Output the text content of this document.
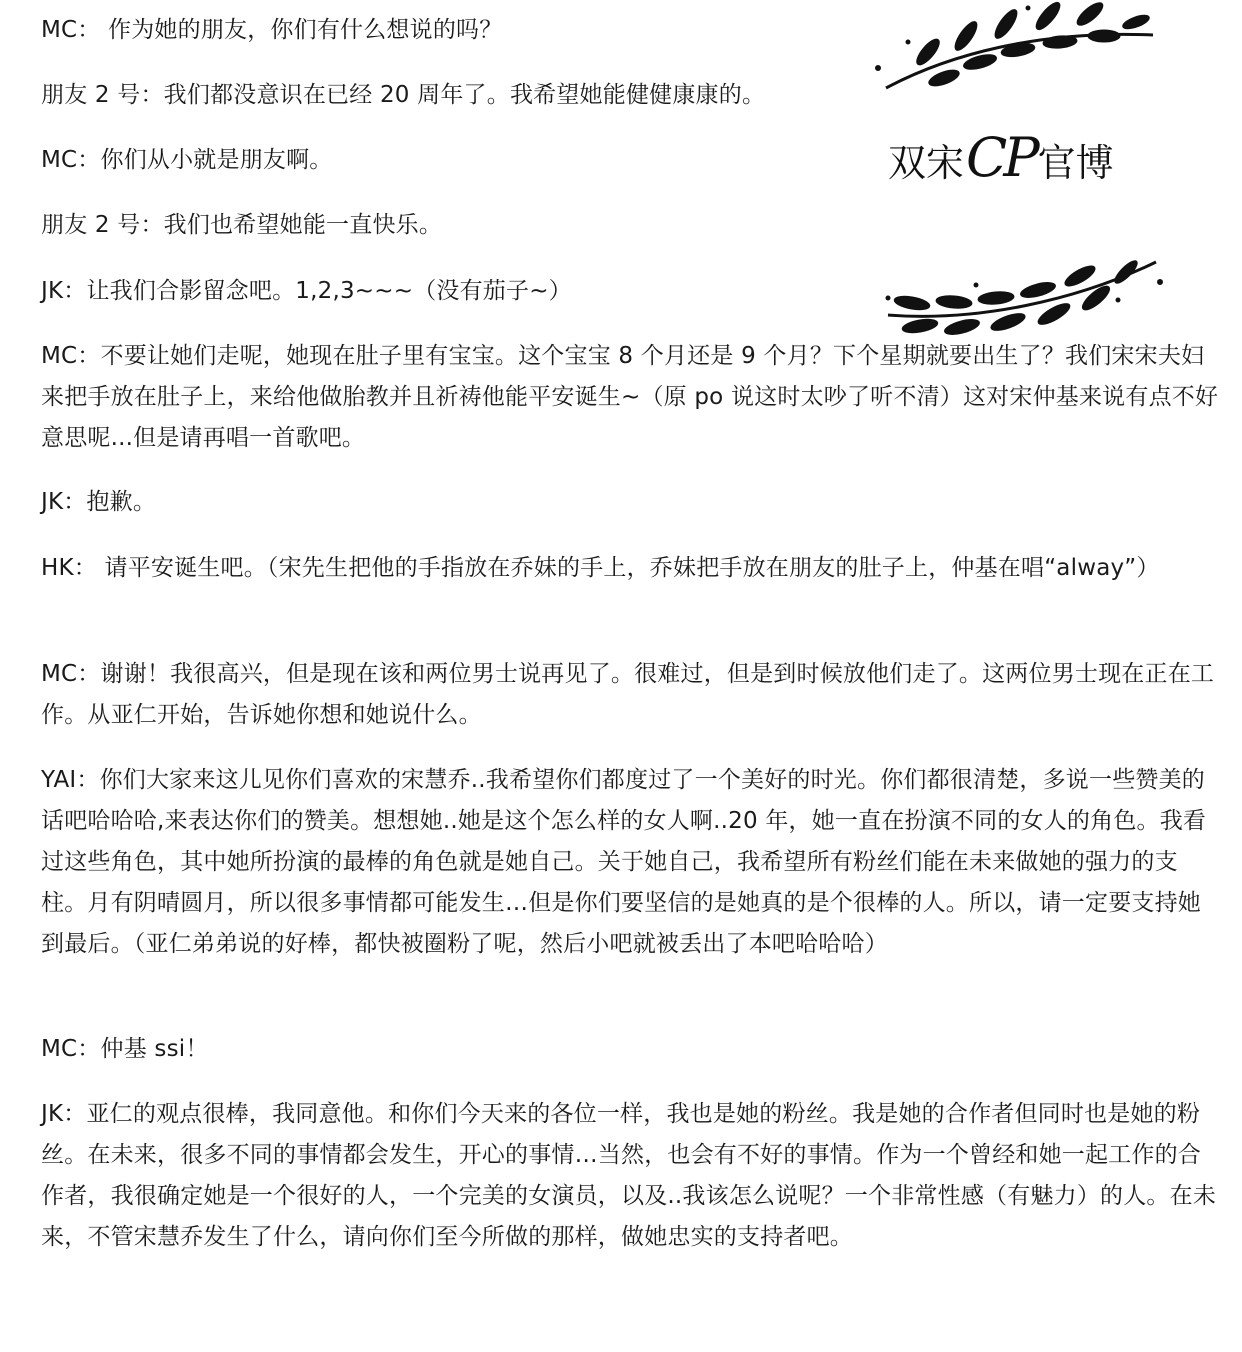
MC： 作为她的朋友，你们有什么想说的吗？

朋友 2 号：我们都没意识在已经 20 周年了。我希望她能健健康康的。

MC：你们从小就是朋友啊。

朋友 2 号：我们也希望她能一直快乐。

JK：让我们合影留念吧。1,2,3~~~（没有茄子~）

MC：不要让她们走呢，她现在肚子里有宝宝。这个宝宝 8 个月还是 9 个月？下个星期就要出生了？我们宋宋夫妇来把手放在肚子上，来给他做胎教并且祈祷他能平安诞生~（原 po 说这时太吵了听不清）这对宋仲基来说有点不好意思呢...但是请再唱一首歌吧。

JK：抱歉。

HK： 请平安诞生吧。（宋先生把他的手指放在乔妹的手上，乔妹把手放在朋友的肚子上，仲基在唱“alway”）

MC：谢谢！我很高兴，但是现在该和两位男士说再见了。很难过，但是到时候放他们走了。这两位男士现在正在工作。从亚仁开始，告诉她你想和她说什么。

YAI：你们大家来这儿见你们喜欢的宋慧乔..我希望你们都度过了一个美好的时光。你们都很清楚，多说一些赞美的话吧哈哈哈,来表达你们的赞美。想想她..她是这个怎么样的女人啊..20 年，她一直在扮演不同的女人的角色。我看过这些角色，其中她所扮演的最棒的角色就是她自己。关于她自己，我希望所有粉丝们能在未来做她的强力的支柱。月有阴晴圆月，所以很多事情都可能发生…但是你们要坚信的是她真的是个很棒的人。所以，请一定要支持她到最后。（亚仁弟弟说的好棒，都快被圈粉了呢，然后小吧就被丢出了本吧哈哈哈）

MC：仲基 ssi！

JK：亚仁的观点很棒，我同意他。和你们今天来的各位一样，我也是她的粉丝。我是她的合作者但同时也是她的粉丝。在未来，很多不同的事情都会发生，开心的事情…当然，也会有不好的事情。作为一个曾经和她一起工作的合作者，我很确定她是一个很好的人，一个完美的女演员，以及..我该怎么说呢？一个非常性感（有魅力）的人。在未来，不管宋慧乔发生了什么，请向你们至今所做的那样，做她忠实的支持者吧。

双宋CP官博
